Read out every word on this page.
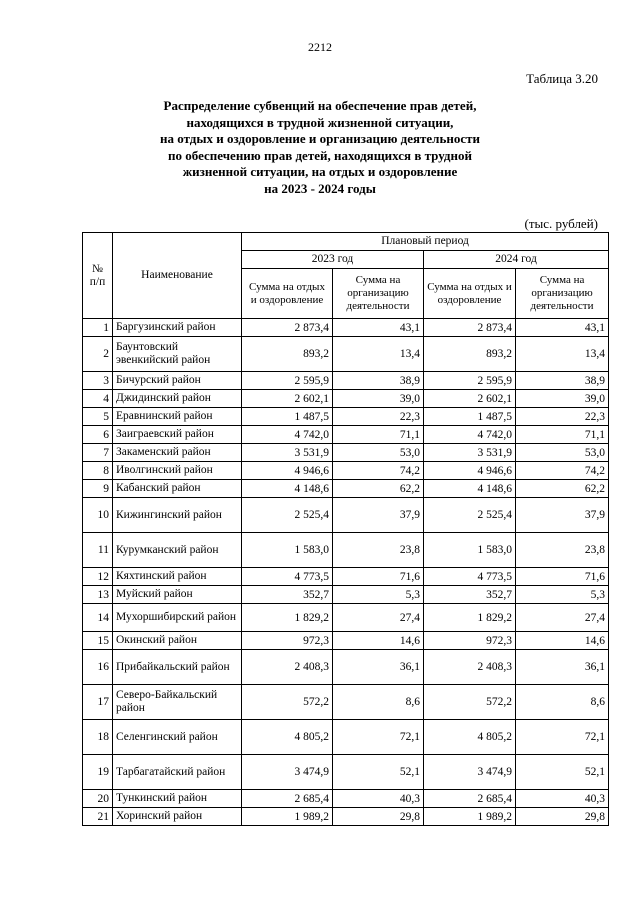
2212
Таблица 3.20
Распределение субвенций на обеспечение прав детей,
находящихся в трудной жизненной ситуации,
на отдых и оздоровление и организацию деятельности
по обеспечению прав детей, находящихся в трудной
жизненной ситуации, на отдых и оздоровление
на 2023 - 2024 годы
(тыс. рублей)
№ п/п	Наименование	Плановый период			
		2023 год		2024 год	
		Сумма на отдых и оздоровление	Сумма на организацию деятельности	Сумма на отдых и оздоровление	Сумма на организацию деятельности
1	Баргузинский район	2 873,4	43,1	2 873,4	43,1
2	Баунтовский эвенкийский район	893,2	13,4	893,2	13,4
3	Бичурский район	2 595,9	38,9	2 595,9	38,9
4	Джидинский район	2 602,1	39,0	2 602,1	39,0
5	Еравнинский район	1 487,5	22,3	1 487,5	22,3
6	Заиграевский район	4 742,0	71,1	4 742,0	71,1
7	Закаменский район	3 531,9	53,0	3 531,9	53,0
8	Иволгинский район	4 946,6	74,2	4 946,6	74,2
9	Кабанский район	4 148,6	62,2	4 148,6	62,2
10	Кижингинский район	2 525,4	37,9	2 525,4	37,9
11	Курумканский район	1 583,0	23,8	1 583,0	23,8
12	Кяхтинский район	4 773,5	71,6	4 773,5	71,6
13	Муйский район	352,7	5,3	352,7	5,3
14	Мухоршибирский район	1 829,2	27,4	1 829,2	27,4
15	Окинский район	972,3	14,6	972,3	14,6
16	Прибайкальский район	2 408,3	36,1	2 408,3	36,1
17	Северо-Байкальский район	572,2	8,6	572,2	8,6
18	Селенгинский район	4 805,2	72,1	4 805,2	72,1
19	Тарбагатайский район	3 474,9	52,1	3 474,9	52,1
20	Тункинский район	2 685,4	40,3	2 685,4	40,3
21	Хоринский район	1 989,2	29,8	1 989,2	29,8
